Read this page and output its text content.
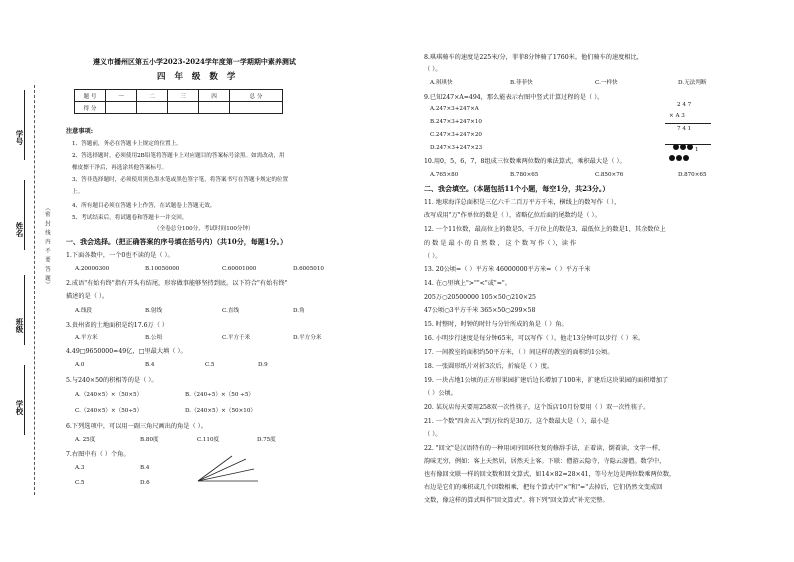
学号
姓名
班级
学校
（密 封 线 内 不 要 答 题）
遵义市播州区第五小学2023-2024学年度第一学期期中素养测试
四 年 级 数 学
题 号	一	二	三	四	总 分
得 分					
注意事项:
1、答题前，务必在答题卡上规定的位置上。
2、答选择题时，必须使用2B铅笔将答题卡上对应题目的答案标号涂黑。如需改动，用
橡皮擦干净后，再选涂其他答案标号。
3、答非选择题时，必须使用黑色墨水笔或黑色签字笔，将答案书写在答题卡规定的位置
上。
4、所有题目必须在答题卡上作答，在试题卷上答题无效。
5、考试结束后，将试题卷和答题卡一并交回。
（全卷总分100分，考试时间100分钟）
一、我会选择。（把正确答案的序号填在括号内）（共10分，每题1分。）
1.下面各数中，一个0也不读的是（ ）。
A.20000300	B.10050000	C.60001000	D.6005010
2.成语"有始有终"指有开头有结尾，形容做事能够坚持到底。以下符合"有始有终"
描述的是（ ）。
A.线段	B.射线	C.直线	D.角
3.贵州省的土地面积是约17.6万（ ）
A.平方米	B.公顷	C.平方千米	D.平方分米
4.49□9650000≈49亿，□里最大填（ ）。
A.0	B.4	C.5	D.9
5.与240×50的积相等的是（ ）。
A.（240×5）×（50×5）	B.（240÷5）×（50 ÷5）
C.（240×5）×（50÷5）	D.（240×5）×（50×10）
6.下列选项中，可以用一副三角尺画出的角是（ ）。
A. 25度	B.80度	C.110度	D.75度
7.右图中有（ ）个角。
A.3	B.4
C.5	D.6
8.琪琪骑车的速度是225米/分，菲菲8分钟骑了1760米。他们骑车的速度相比，
（ ）。
A.琪琪快	B.菲菲快	C.一样快	D.无法判断
9.已知247×A=494，那么能表示右图中竖式计算过程的是（ ）。
A.247×3+247×A
B.247×3+247×10
C.247×3+247×20
D.247×3+247×23
2 4 7
× A 3
7 4 1
1
10.用0，5，6，7，8组成三位数乘两位数的乘法算式，乘积最大是（ ）。
A.765×80	B.780×65	C.850×76	D.870×65
二、我会填空。（本题包括11个小题，每空1分，共23分。）
11. 地球海洋总面积是三亿六千二百万平方千米，横线上的数写作（ ），
改写成用"万"作单位的数是（ ），省略亿位后面的尾数约是（ ）。
12. 一个11位数，最高位上的数是5，千万位上的数是3，最低位上的数是1，其余数位上
的 数 是 最 小 的 自 然 数 ， 这 个 数 写 作（ ），读 作
（ ）。
13. 20公顷=（ ）平方米 46000000平方米=（ ）平方千米
14. 在○里填上">""<"或"="。
205万○20500000 105×50○210×25
47公顷○3平方千米 365×50○299×58
15. 时整时，时钟的时针与分针所成的角是（ ）角。
16. 小明步行速度是每分钟65米，可以写作（ ）。他走13分钟可以步行（ ）米。
17. 一间教室的面积约50平方米，（ ）间这样的教室的面积约1公顷。
18. 一张圆形纸片对折3次后，折痕是（ ）度。
19. 一块占地1公顷的正方形果园扩建后边长增加了100米，扩建后这块果园的面积增加了
（ ）公顷。
20. 某玩店每天要用258双一次性筷子，这个饭店10月份要用（ ）双一次性筷子。
21. 一个数"四舍五入"到万位约是30万，这个数最大是（ ），最小是
（ ）。
22. "回文"是汉语特有的一种用词序回环往复的修辞手法，正着读，倒着读，文字一样，
韵味无穷，例如：客上天然居，居然天上客。下联：僧游云隐寺，寺隐云游僧。数学中，
也有像回文联一样的回文数和回文算式，如14×82=28×41，等号左边是两位数乘两位数，
右边是它们的乘积或几个因数相乘，把每个算式中"×"和"="去掉后，它们仍然文变成回
文数，像这样的算式叫作"回文算式"。将下列"回文算式"补充完整。
